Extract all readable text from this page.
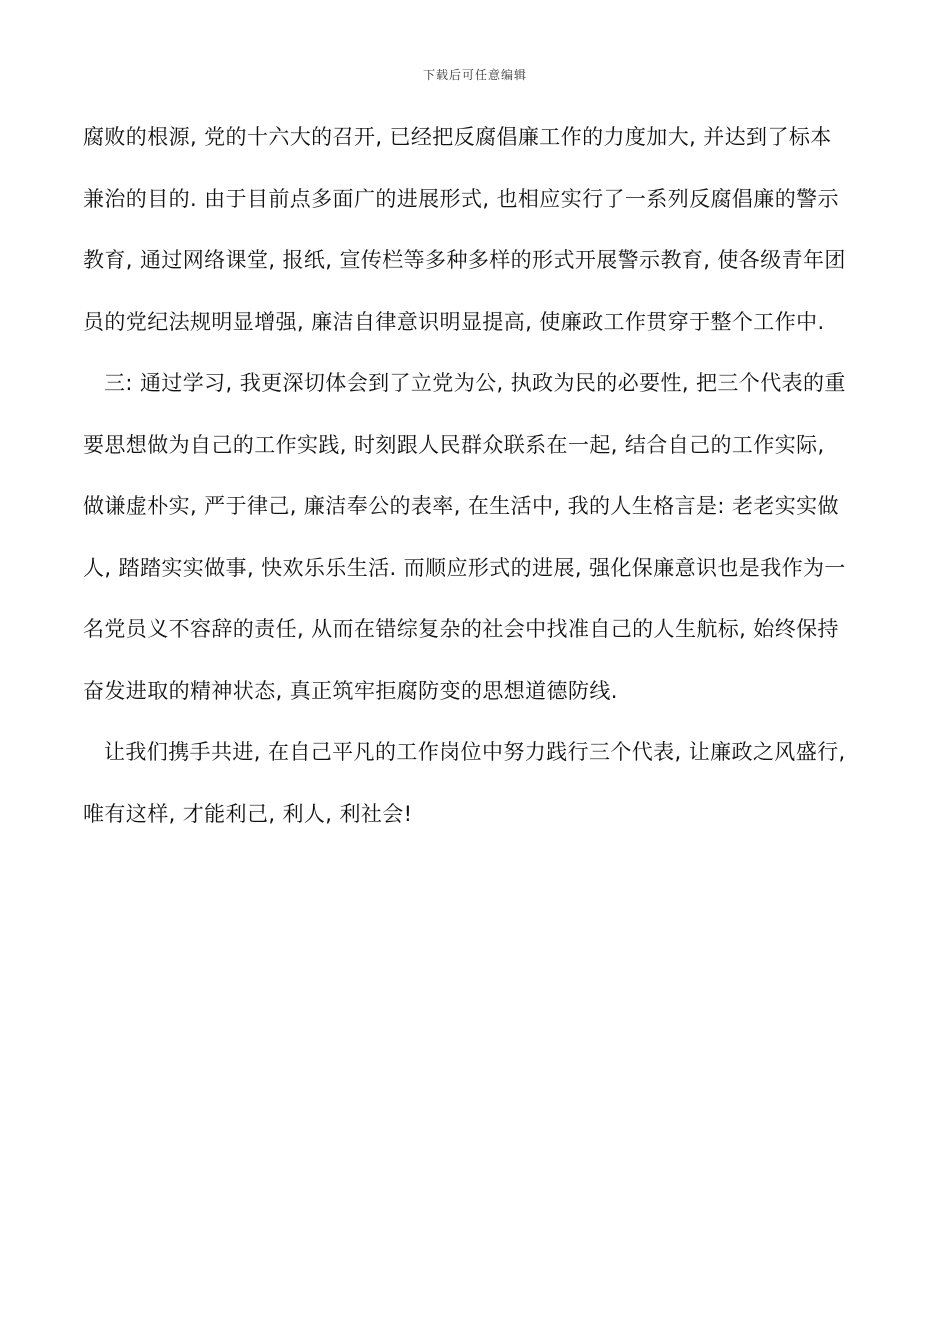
下载后可任意编辑
腐败的根源, 党的十六大的召开, 已经把反腐倡廉工作的力度加大, 并达到了标本
兼治的目的. 由于目前点多面广的进展形式, 也相应实行了一系列反腐倡廉的警示
教育, 通过网络课堂, 报纸, 宣传栏等多种多样的形式开展警示教育, 使各级青年团
员的党纪法规明显增强, 廉洁自律意识明显提高, 使廉政工作贯穿于整个工作中.
三: 通过学习, 我更深切体会到了立党为公, 执政为民的必要性, 把三个代表的重
要思想做为自己的工作实践, 时刻跟人民群众联系在一起, 结合自己的工作实际,
做谦虚朴实, 严于律己, 廉洁奉公的表率, 在生活中, 我的人生格言是: 老老实实做
人, 踏踏实实做事, 快欢乐乐生活. 而顺应形式的进展, 强化保廉意识也是我作为一
名党员义不容辞的责任, 从而在错综复杂的社会中找准自己的人生航标, 始终保持
奋发进取的精神状态, 真正筑牢拒腐防变的思想道德防线.
让我们携手共进, 在自己平凡的工作岗位中努力践行三个代表, 让廉政之风盛行,
唯有这样, 才能利己, 利人, 利社会!
